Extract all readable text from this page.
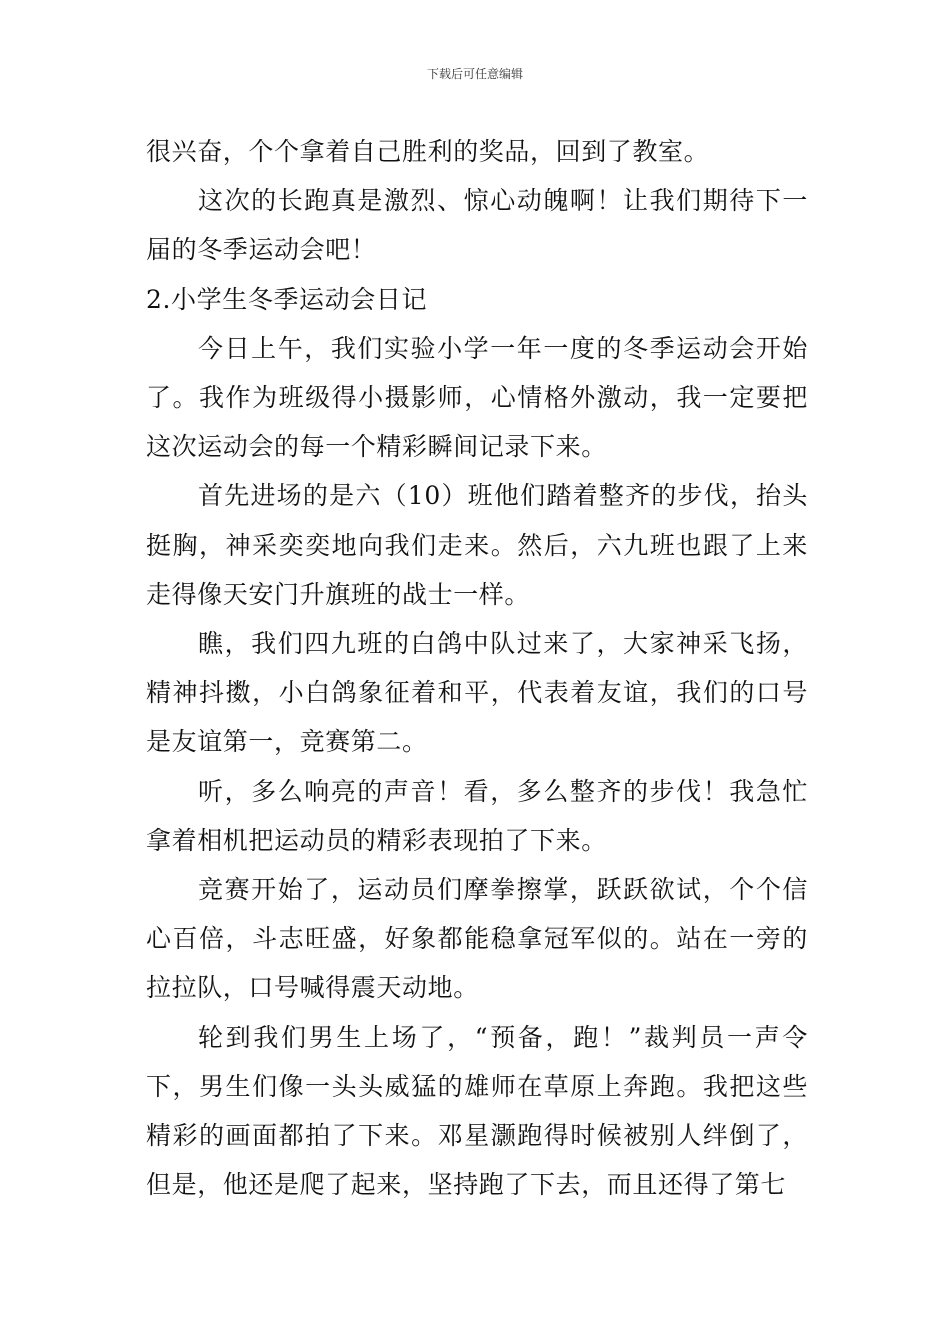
下载后可任意编辑

很兴奋，个个拿着自己胜利的奖品，回到了教室。

这次的长跑真是激烈、惊心动魄啊！让我们期待下一届的冬季运动会吧！

2.小学生冬季运动会日记

今日上午，我们实验小学一年一度的冬季运动会开始了。我作为班级得小摄影师，心情格外激动，我一定要把这次运动会的每一个精彩瞬间记录下来。

首先进场的是六（10）班他们踏着整齐的步伐，抬头挺胸，神采奕奕地向我们走来。然后，六九班也跟了上来走得像天安门升旗班的战士一样。

瞧，我们四九班的白鸽中队过来了，大家神采飞扬，精神抖擞，小白鸽象征着和平，代表着友谊，我们的口号是友谊第一，竞赛第二。

听，多么响亮的声音！看，多么整齐的步伐！我急忙拿着相机把运动员的精彩表现拍了下来。

竞赛开始了，运动员们摩拳擦掌，跃跃欲试，个个信心百倍，斗志旺盛，好象都能稳拿冠军似的。站在一旁的拉拉队，口号喊得震天动地。

轮到我们男生上场了，“预备，跑！”裁判员一声令下，男生们像一头头威猛的雄师在草原上奔跑。我把这些精彩的画面都拍了下来。邓星灏跑得时候被别人绊倒了，但是，他还是爬了起来，坚持跑了下去，而且还得了第七
